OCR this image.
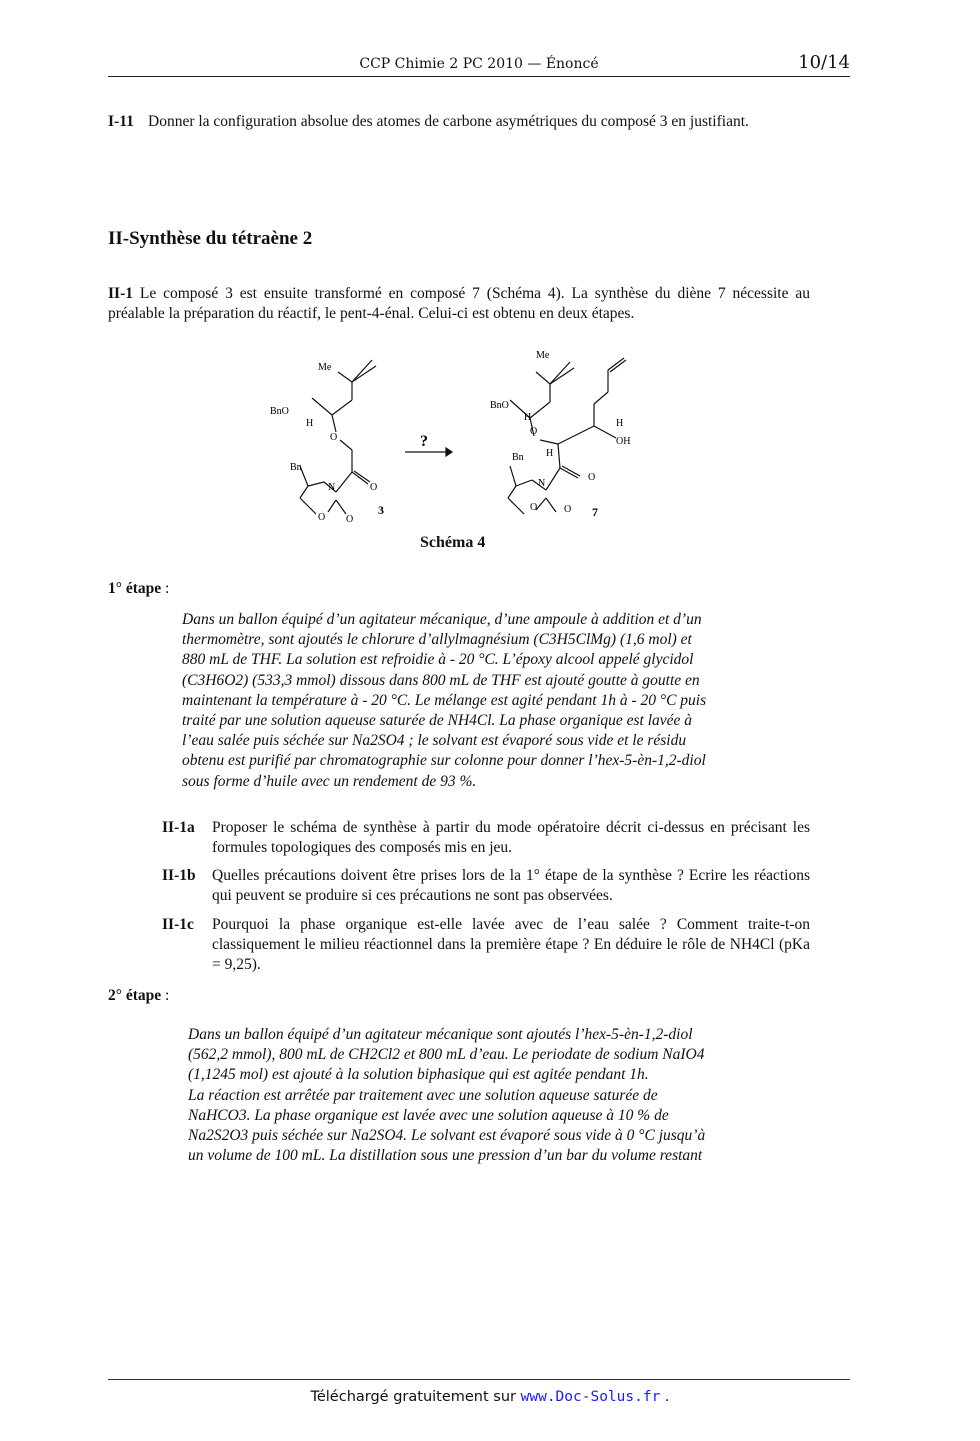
CCP Chimie 2 PC 2010 — Énoncé	10/14
I-11 Donner la configuration absolue des atomes de carbone asymétriques du composé 3 en justifiant.
II-Synthèse du tétraène 2
II-1 Le composé 3 est ensuite transformé en composé 7 (Schéma 4). La synthèse du diène 7 nécessite au préalable la préparation du réactif, le pent-4-énal. Celui-ci est obtenu en deux étapes.
Me
BnO
H
O
Bn
N	O
O O
3
?
Me
BnO
H
H
O
H
OH
Bn
N
O
O	O 7
Schéma 4
1° étape :
Dans un ballon équipé d’un agitateur mécanique, d’une ampoule à addition et d’un
thermomètre, sont ajoutés le chlorure d’allylmagnésium (C3H5ClMg) (1,6 mol) et
880 mL de THF. La solution est refroidie à - 20 °C. L’époxy alcool appelé glycidol
(C3H6O2) (533,3 mmol) dissous dans 800 mL de THF est ajouté goutte à goutte en
maintenant la température à - 20 °C. Le mélange est agité pendant 1h à - 20 °C puis
traité par une solution aqueuse saturée de NH4Cl. La phase organique est lavée à
l’eau salée puis séchée sur Na2SO4 ; le solvant est évaporé sous vide et le résidu
obtenu est purifié par chromatographie sur colonne pour donner l’hex-5-èn-1,2-diol
sous forme d’huile avec un rendement de 93 %.
II-1a	Proposer le schéma de synthèse à partir du mode opératoire décrit ci-dessus en précisant les formules topologiques des composés mis en jeu.
II-1b	Quelles précautions doivent être prises lors de la 1° étape de la synthèse ? Ecrire les réactions qui peuvent se produire si ces précautions ne sont pas observées.
II-1c	Pourquoi la phase organique est-elle lavée avec de l’eau salée ? Comment traite-t-on classiquement le milieu réactionnel dans la première étape ? En déduire le rôle de NH4Cl (pKa = 9,25).
2° étape :
Dans un ballon équipé d’un agitateur mécanique sont ajoutés l’hex-5-èn-1,2-diol
(562,2 mmol), 800 mL de CH2Cl2 et 800 mL d’eau. Le periodate de sodium NaIO4
(1,1245 mol) est ajouté à la solution biphasique qui est agitée pendant 1h.
La réaction est arrêtée par traitement avec une solution aqueuse saturée de
NaHCO3. La phase organique est lavée avec une solution aqueuse à 10 % de
Na2S2O3 puis séchée sur Na2SO4. Le solvant est évaporé sous vide à 0 °C jusqu’à
un volume de 100 mL. La distillation sous une pression d’un bar du volume restant
Téléchargé gratuitement sur www.Doc-Solus.fr .
